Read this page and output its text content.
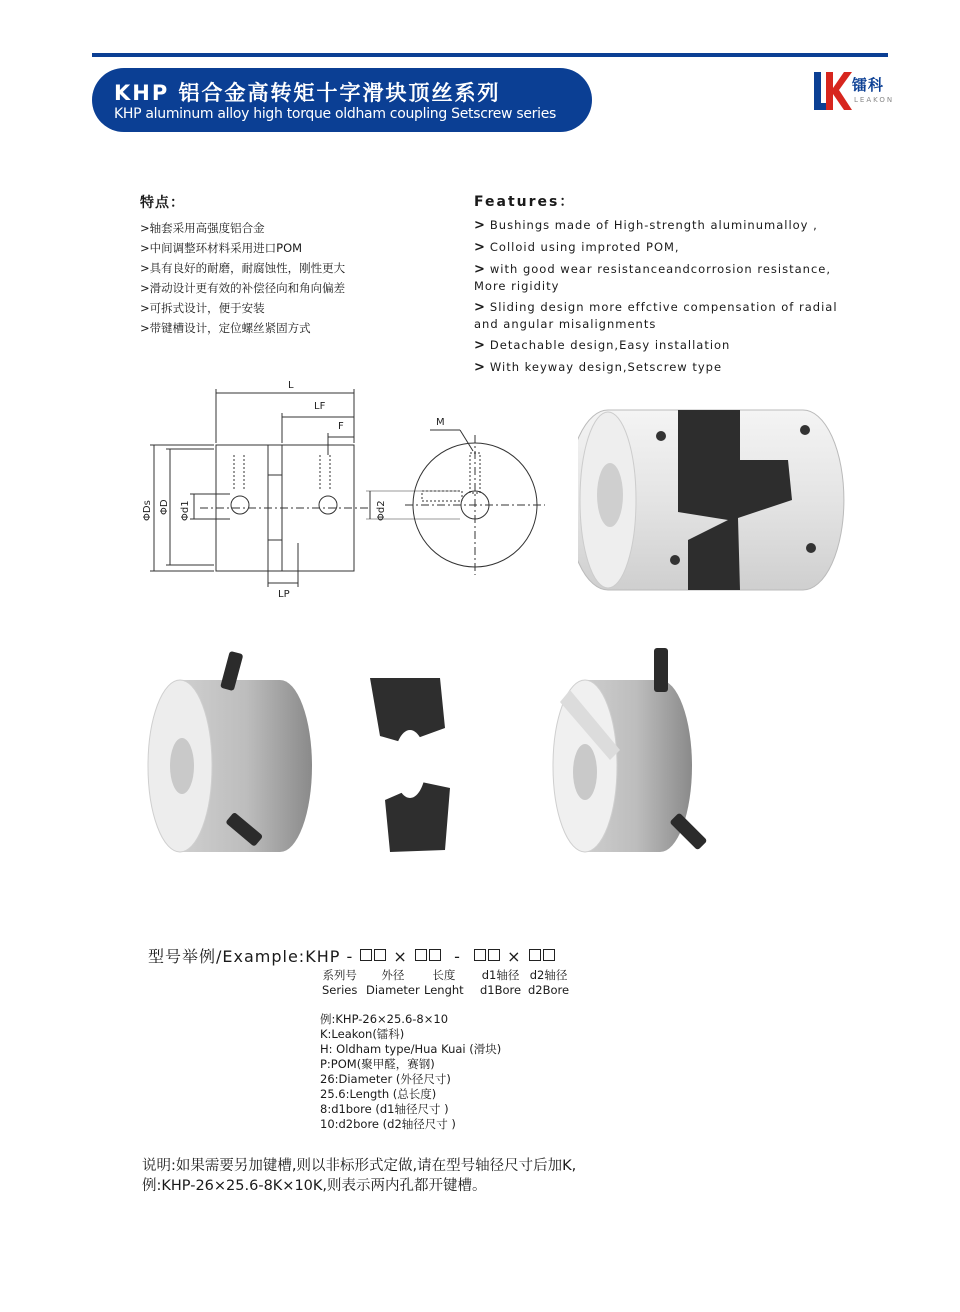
KHP 铝合金高转矩十字滑块顶丝系列
KHP aluminum alloy high torque oldham coupling Setscrew series
镭科
LEAKON
特点：
>轴套采用高强度铝合金
>中间调整环材料采用进口POM
>具有良好的耐磨，耐腐蚀性，刚性更大
>滑动设计更有效的补偿径向和角向偏差
>可拆式设计，便于安装
>带键槽设计，定位螺丝紧固方式
Features：
> Bushings made of High-strength aluminumalloy ,
> Colloid using improted POM,
> with good wear resistanceandcorrosion resistance, More rigidity
> Sliding design more effctive compensation of radial and angular misalignments
> Detachable design,Easy installation
> With keyway design,Setscrew type
L
LF
F
LP
M
ΦDs ΦD Φd1	Φd2
型号举例/Example:KHP -	×	-	×
系列号
Series
外径
Diameter
长度
Lenght
d1轴径
d1Bore
d2轴径
d2Bore
例:KHP-26×25.6-8×10
K:Leakon(镭科)
H: Oldham type/Hua Kuai (滑块)
P:POM(聚甲醛，赛钢)
26:Diameter (外径尺寸)
25.6:Length (总长度)
8:d1bore (d1轴径尺寸 )
10:d2bore (d2轴径尺寸 )
说明:如果需要另加键槽,则以非标形式定做,请在型号轴径尺寸后加K,
例:KHP-26×25.6-8K×10K,则表示两内孔都开键槽。
